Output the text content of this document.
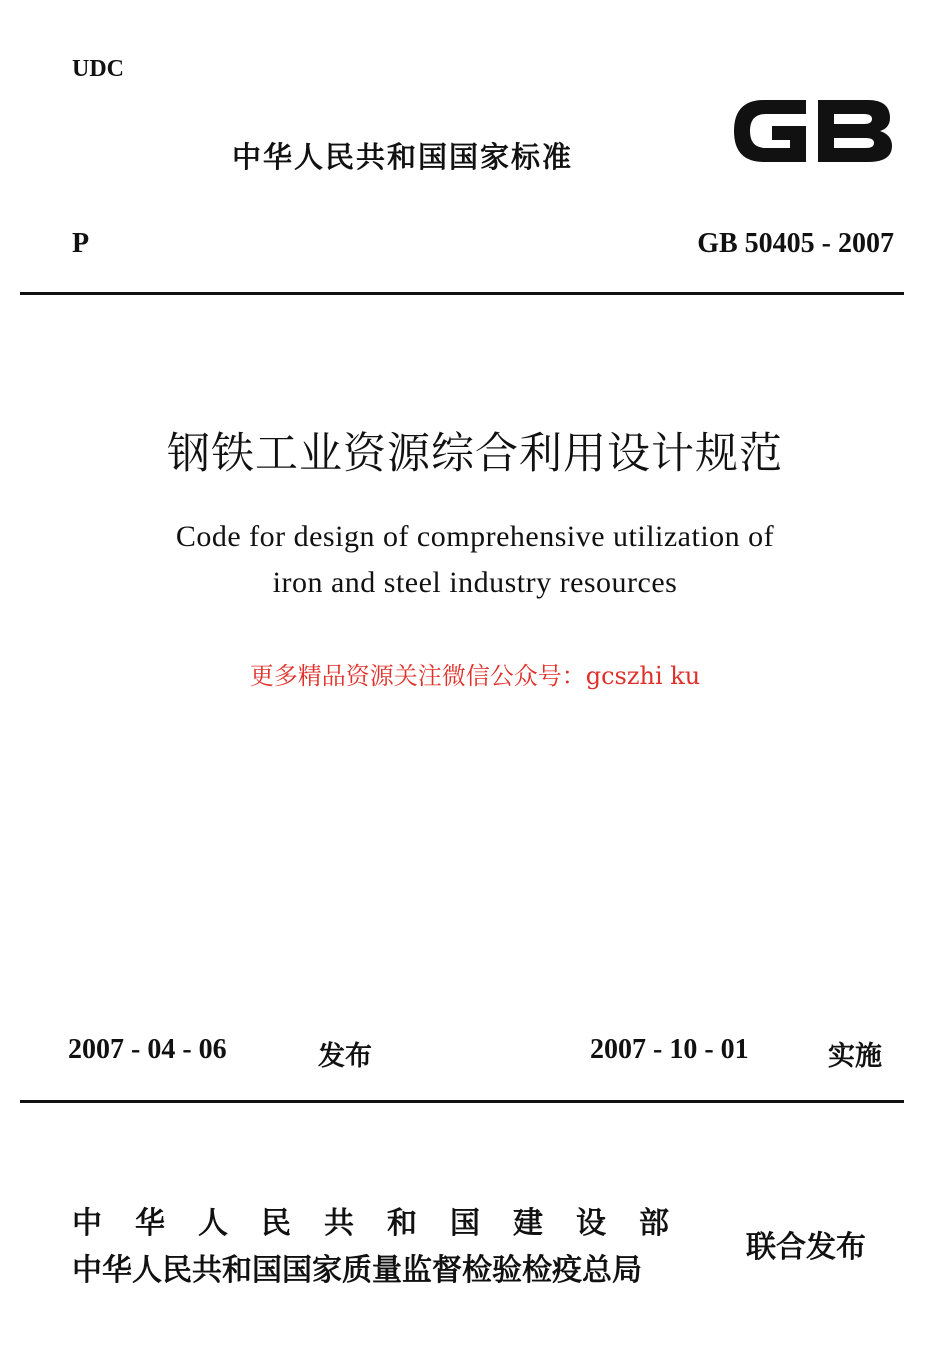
UDC
中华人民共和国国家标准
P	GB 50405 - 2007
钢铁工业资源综合利用设计规范
Code for design of comprehensive utilization of
iron and steel industry resources
更多精品资源关注微信公众号：gcszhi ku
2007 - 04 - 06	发布	2007 - 10 - 01	实施
中华人民共和国建设部
中华人民共和国国家质量监督检验检疫总局
联合发布
